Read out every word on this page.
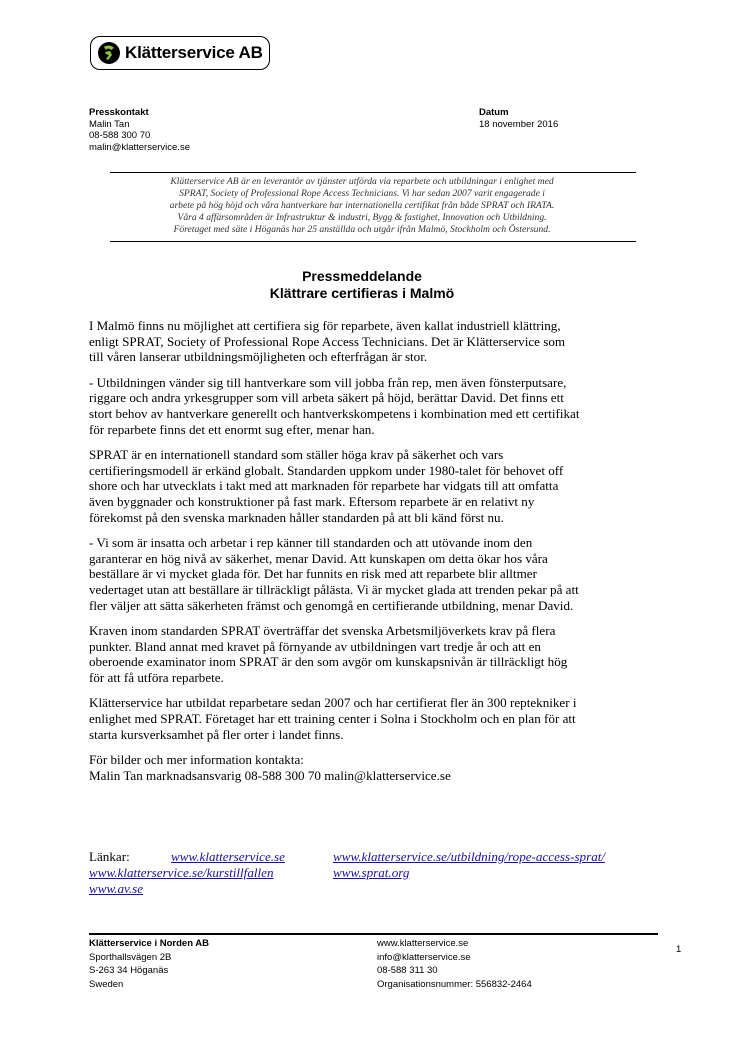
Klätterservice AB
Presskontakt
Malin Tan
08-588 300 70
malin@klatterservice.se
Datum
18 november 2016
Klätterservice AB är en leverantör av tjänster utförda via reparbete och utbildningar i enlighet med
SPRAT, Society of Professional Rope Access Technicians. Vi har sedan 2007 varit engagerade i
arbete på hög höjd och våra hantverkare har internationella certifikat från både SPRAT och IRATA.
Våra 4 affärsområden är Infrastruktur & industri, Bygg & fastighet, Innovation och Utbildning.
Företaget med säte i Höganäs har 25 anställda och utgår ifrån Malmö, Stockholm och Östersund.
Pressmeddelande
Klättrare certifieras i Malmö

I Malmö finns nu möjlighet att certifiera sig för reparbete, även kallat industriell klättring,
enligt SPRAT, Society of Professional Rope Access Technicians. Det är Klätterservice som
till våren lanserar utbildningsmöjligheten och efterfrågan är stor.

- Utbildningen vänder sig till hantverkare som vill jobba från rep, men även fönsterputsare,
riggare och andra yrkesgrupper som vill arbeta säkert på höjd, berättar David. Det finns ett
stort behov av hantverkare generellt och hantverkskompetens i kombination med ett certifikat
för reparbete finns det ett enormt sug efter, menar han.

SPRAT är en internationell standard som ställer höga krav på säkerhet och vars
certifieringsmodell är erkänd globalt. Standarden uppkom under 1980-talet för behovet off
shore och har utvecklats i takt med att marknaden för reparbete har vidgats till att omfatta
även byggnader och konstruktioner på fast mark. Eftersom reparbete är en relativt ny
förekomst på den svenska marknaden håller standarden på att bli känd först nu.

- Vi som är insatta och arbetar i rep känner till standarden och att utövande inom den
garanterar en hög nivå av säkerhet, menar David. Att kunskapen om detta ökar hos våra
beställare är vi mycket glada för. Det har funnits en risk med att reparbete blir alltmer
vedertaget utan att beställare är tillräckligt pålästa. Vi är mycket glada att trenden pekar på att
fler väljer att sätta säkerheten främst och genomgå en certifierande utbildning, menar David.

Kraven inom standarden SPRAT överträffar det svenska Arbetsmiljöverkets krav på flera
punkter. Bland annat med kravet på förnyande av utbildningen vart tredje år och att en
oberoende examinator inom SPRAT är den som avgör om kunskapsnivån är tillräckligt hög
för att få utföra reparbete.

Klätterservice har utbildat reparbetare sedan 2007 och har certifierat fler än 300 reptekniker i
enlighet med SPRAT. Företaget har ett training center i Solna i Stockholm och en plan för att
starta kursverksamhet på fler orter i landet finns.

För bilder och mer information kontakta:
Malin Tan marknadsansvarig 08-588 300 70 malin@klatterservice.se

Länkar:	www.klatterservice.se	www.klatterservice.se/utbildning/rope-access-sprat/
www.klatterservice.se/kurstillfallen	www.sprat.org
www.av.se
Klätterservice i Norden AB
Sporthallsvägen 2B
S-263 34 Höganäs
Sweden
www.klatterservice.se
info@klatterservice.se
08-588 311 30
Organisationsnummer: 556832-2464
1
